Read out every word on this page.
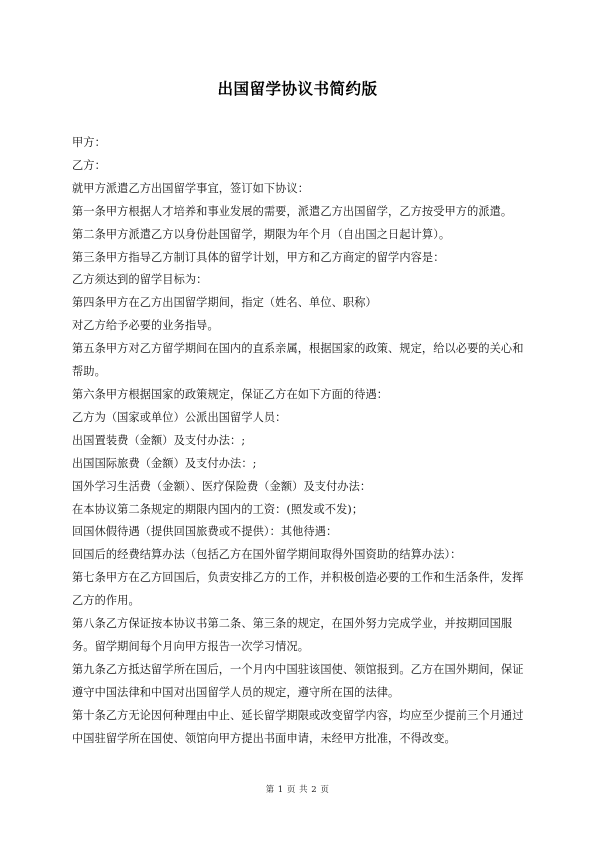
出国留学协议书简约版

甲方：

乙方：

就甲方派遣乙方出国留学事宜，签订如下协议：

第一条甲方根据人才培养和事业发展的需要，派遣乙方出国留学，乙方按受甲方的派遣。

第二条甲方派遣乙方以身份赴国留学，期限为年个月（自出国之日起计算）。

第三条甲方指导乙方制订具体的留学计划，甲方和乙方商定的留学内容是：

乙方须达到的留学目标为：

第四条甲方在乙方出国留学期间，指定（姓名、单位、职称）

对乙方给予必要的业务指导。

第五条甲方对乙方留学期间在国内的直系亲属，根据国家的政策、规定，给以必要的关心和帮助。

第六条甲方根据国家的政策规定，保证乙方在如下方面的待遇：

乙方为（国家或单位）公派出国留学人员：

出国置装费（金额）及支付办法：;

出国国际旅费（金额）及支付办法：;

国外学习生活费（金额）、医疗保险费（金额）及支付办法：

在本协议第二条规定的期限内国内的工资：(照发或不发)；

回国休假待遇（提供回国旅费或不提供）：其他待遇：

回国后的经费结算办法（包括乙方在国外留学期间取得外国资助的结算办法）：

第七条甲方在乙方回国后，负责安排乙方的工作，并积极创造必要的工作和生活条件，发挥乙方的作用。

第八条乙方保证按本协议书第二条、第三条的规定，在国外努力完成学业，并按期回国服务。留学期间每个月向甲方报告一次学习情况。

第九条乙方抵达留学所在国后，一个月内中国驻该国使、领馆报到。乙方在国外期间，保证遵守中国法律和中国对出国留学人员的规定，遵守所在国的法律。

第十条乙方无论因何种理由中止、延长留学期限或改变留学内容，均应至少提前三个月通过中国驻留学所在国使、领馆向甲方提出书面申请，未经甲方批准，不得改变。

第 1 页 共 2 页
